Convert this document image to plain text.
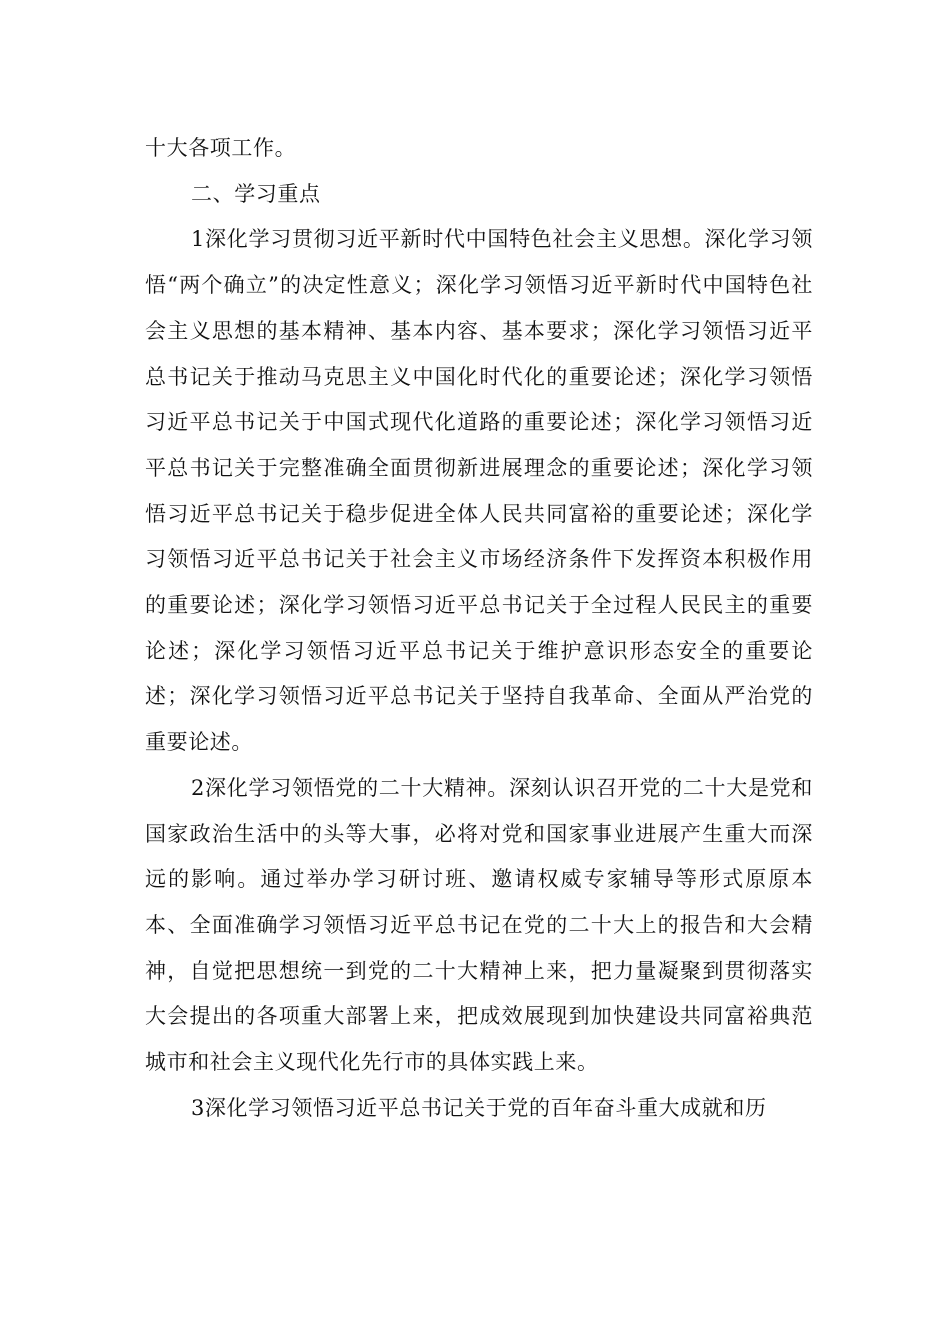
十大各项工作。

二、学习重点

1深化学习贯彻习近平新时代中国特色社会主义思想。深化学习领悟“两个确立”的决定性意义；深化学习领悟习近平新时代中国特色社会主义思想的基本精神、基本内容、基本要求；深化学习领悟习近平总书记关于推动马克思主义中国化时代化的重要论述；深化学习领悟习近平总书记关于中国式现代化道路的重要论述；深化学习领悟习近平总书记关于完整准确全面贯彻新进展理念的重要论述；深化学习领悟习近平总书记关于稳步促进全体人民共同富裕的重要论述；深化学习领悟习近平总书记关于社会主义市场经济条件下发挥资本积极作用的重要论述；深化学习领悟习近平总书记关于全过程人民民主的重要论述；深化学习领悟习近平总书记关于维护意识形态安全的重要论述；深化学习领悟习近平总书记关于坚持自我革命、全面从严治党的重要论述。

2深化学习领悟党的二十大精神。深刻认识召开党的二十大是党和国家政治生活中的头等大事，必将对党和国家事业进展产生重大而深远的影响。通过举办学习研讨班、邀请权威专家辅导等形式原原本本、全面准确学习领悟习近平总书记在党的二十大上的报告和大会精神，自觉把思想统一到党的二十大精神上来，把力量凝聚到贯彻落实大会提出的各项重大部署上来，把成效展现到加快建设共同富裕典范城市和社会主义现代化先行市的具体实践上来。

3深化学习领悟习近平总书记关于党的百年奋斗重大成就和历
